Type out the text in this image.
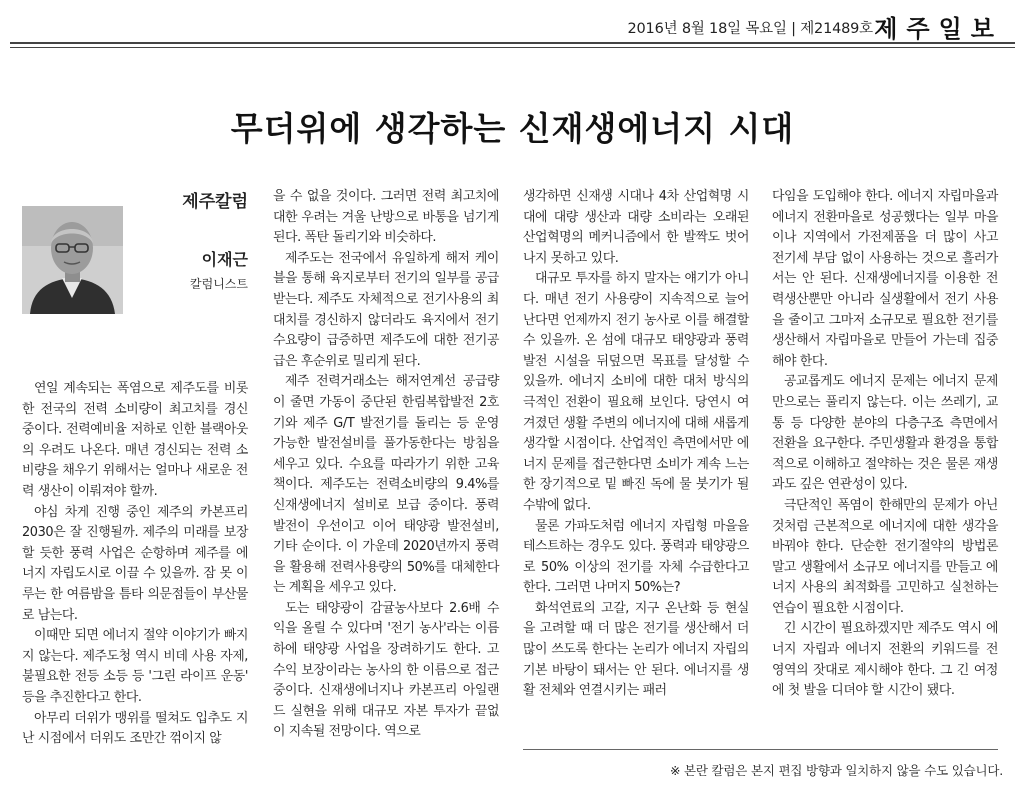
2016년 8월 18일 목요일 | 제21489호 제주일보
무더위에 생각하는 신재생에너지 시대
제주칼럼
이재근
칼럼니스트

연일 계속되는 폭염으로 제주도를 비롯한 전국의 전력 소비량이 최고치를 경신 중이다. 전력예비율 저하로 인한 블랙아웃의 우려도 나온다. 매년 경신되는 전력 소비량을 채우기 위해서는 얼마나 새로운 전력 생산이 이뤄져야 할까.

야심 차게 진행 중인 제주의 카본프리 2030은 잘 진행될까. 제주의 미래를 보장할 듯한 풍력 사업은 순항하며 제주를 에너지 자립도시로 이끌 수 있을까. 잠 못 이루는 한 여름밤을 틈타 의문점들이 부산물로 남는다.

이때만 되면 에너지 절약 이야기가 빠지지 않는다. 제주도청 역시 비데 사용 자제, 불필요한 전등 소등 등 '그린 라이프 운동' 등을 추진한다고 한다.

아무리 더위가 맹위를 떨쳐도 입추도 지난 시점에서 더위도 조만간 꺾이지 않

을 수 없을 것이다. 그러면 전력 최고치에 대한 우려는 겨울 난방으로 바통을 넘기게 된다. 폭탄 돌리기와 비슷하다.

제주도는 전국에서 유일하게 해저 케이블을 통해 육지로부터 전기의 일부를 공급받는다. 제주도 자체적으로 전기사용의 최대치를 경신하지 않더라도 육지에서 전기 수요량이 급증하면 제주도에 대한 전기공급은 후순위로 밀리게 된다.

제주 전력거래소는 해저연계선 공급량이 줄면 가동이 중단된 한림복합발전 2호기와 제주 G/T 발전기를 돌리는 등 운영 가능한 발전설비를 풀가동한다는 방침을 세우고 있다. 수요를 따라가기 위한 고육책이다. 제주도는 전력소비량의 9.4%를 신재생에너지 설비로 보급 중이다. 풍력 발전이 우선이고 이어 태양광 발전설비, 기타 순이다. 이 가운데 2020년까지 풍력을 활용해 전력사용량의 50%를 대체한다는 계획을 세우고 있다.

도는 태양광이 감귤농사보다 2.6배 수익을 올릴 수 있다며 '전기 농사'라는 이름 하에 태양광 사업을 장려하기도 한다. 고수익 보장이라는 농사의 한 이름으로 접근 중이다. 신재생에너지나 카본프리 아일랜드 실현을 위해 대규모 자본 투자가 끝없이 지속될 전망이다. 역으로

생각하면 신재생 시대나 4차 산업혁명 시대에 대량 생산과 대량 소비라는 오래된 산업혁명의 메커니즘에서 한 발짝도 벗어나지 못하고 있다.

대규모 투자를 하지 말자는 얘기가 아니다. 매년 전기 사용량이 지속적으로 늘어난다면 언제까지 전기 농사로 이를 해결할 수 있을까. 온 섬에 대규모 태양광과 풍력 발전 시설을 뒤덮으면 목표를 달성할 수 있을까. 에너지 소비에 대한 대처 방식의 극적인 전환이 필요해 보인다. 당연시 여겨졌던 생활 주변의 에너지에 대해 새롭게 생각할 시점이다. 산업적인 측면에서만 에너지 문제를 접근한다면 소비가 계속 느는 한 장기적으로 밑 빠진 독에 물 붓기가 될 수밖에 없다.

물론 가파도처럼 에너지 자립형 마을을 테스트하는 경우도 있다. 풍력과 태양광으로 50% 이상의 전기를 자체 수급한다고 한다. 그러면 나머지 50%는?

화석연료의 고갈, 지구 온난화 등 현실을 고려할 때 더 많은 전기를 생산해서 더 많이 쓰도록 한다는 논리가 에너지 자립의 기본 바탕이 돼서는 안 된다. 에너지를 생활 전체와 연결시키는 패러

다임을 도입해야 한다. 에너지 자립마을과 에너지 전환마을로 성공했다는 일부 마을이나 지역에서 가전제품을 더 많이 사고 전기세 부담 없이 사용하는 것으로 흘러가서는 안 된다. 신재생에너지를 이용한 전력생산뿐만 아니라 실생활에서 전기 사용을 줄이고 그마저 소규모로 필요한 전기를 생산해서 자립마을로 만들어 가는데 집중해야 한다.

공교롭게도 에너지 문제는 에너지 문제만으로는 풀리지 않는다. 이는 쓰레기, 교통 등 다양한 분야의 다층구조 측면에서 전환을 요구한다. 주민생활과 환경을 통합적으로 이해하고 절약하는 것은 물론 재생과도 깊은 연관성이 있다.

극단적인 폭염이 한해만의 문제가 아닌 것처럼 근본적으로 에너지에 대한 생각을 바꿔야 한다. 단순한 전기절약의 방법론 말고 생활에서 소규모 에너지를 만들고 에너지 사용의 최적화를 고민하고 실천하는 연습이 필요한 시점이다.

긴 시간이 필요하겠지만 제주도 역시 에너지 자립과 에너지 전환의 키워드를 전 영역의 잣대로 제시해야 한다. 그 긴 여정에 첫 발을 디뎌야 할 시간이 됐다.

※ 본란 칼럼은 본지 편집 방향과 일치하지 않을 수도 있습니다.
